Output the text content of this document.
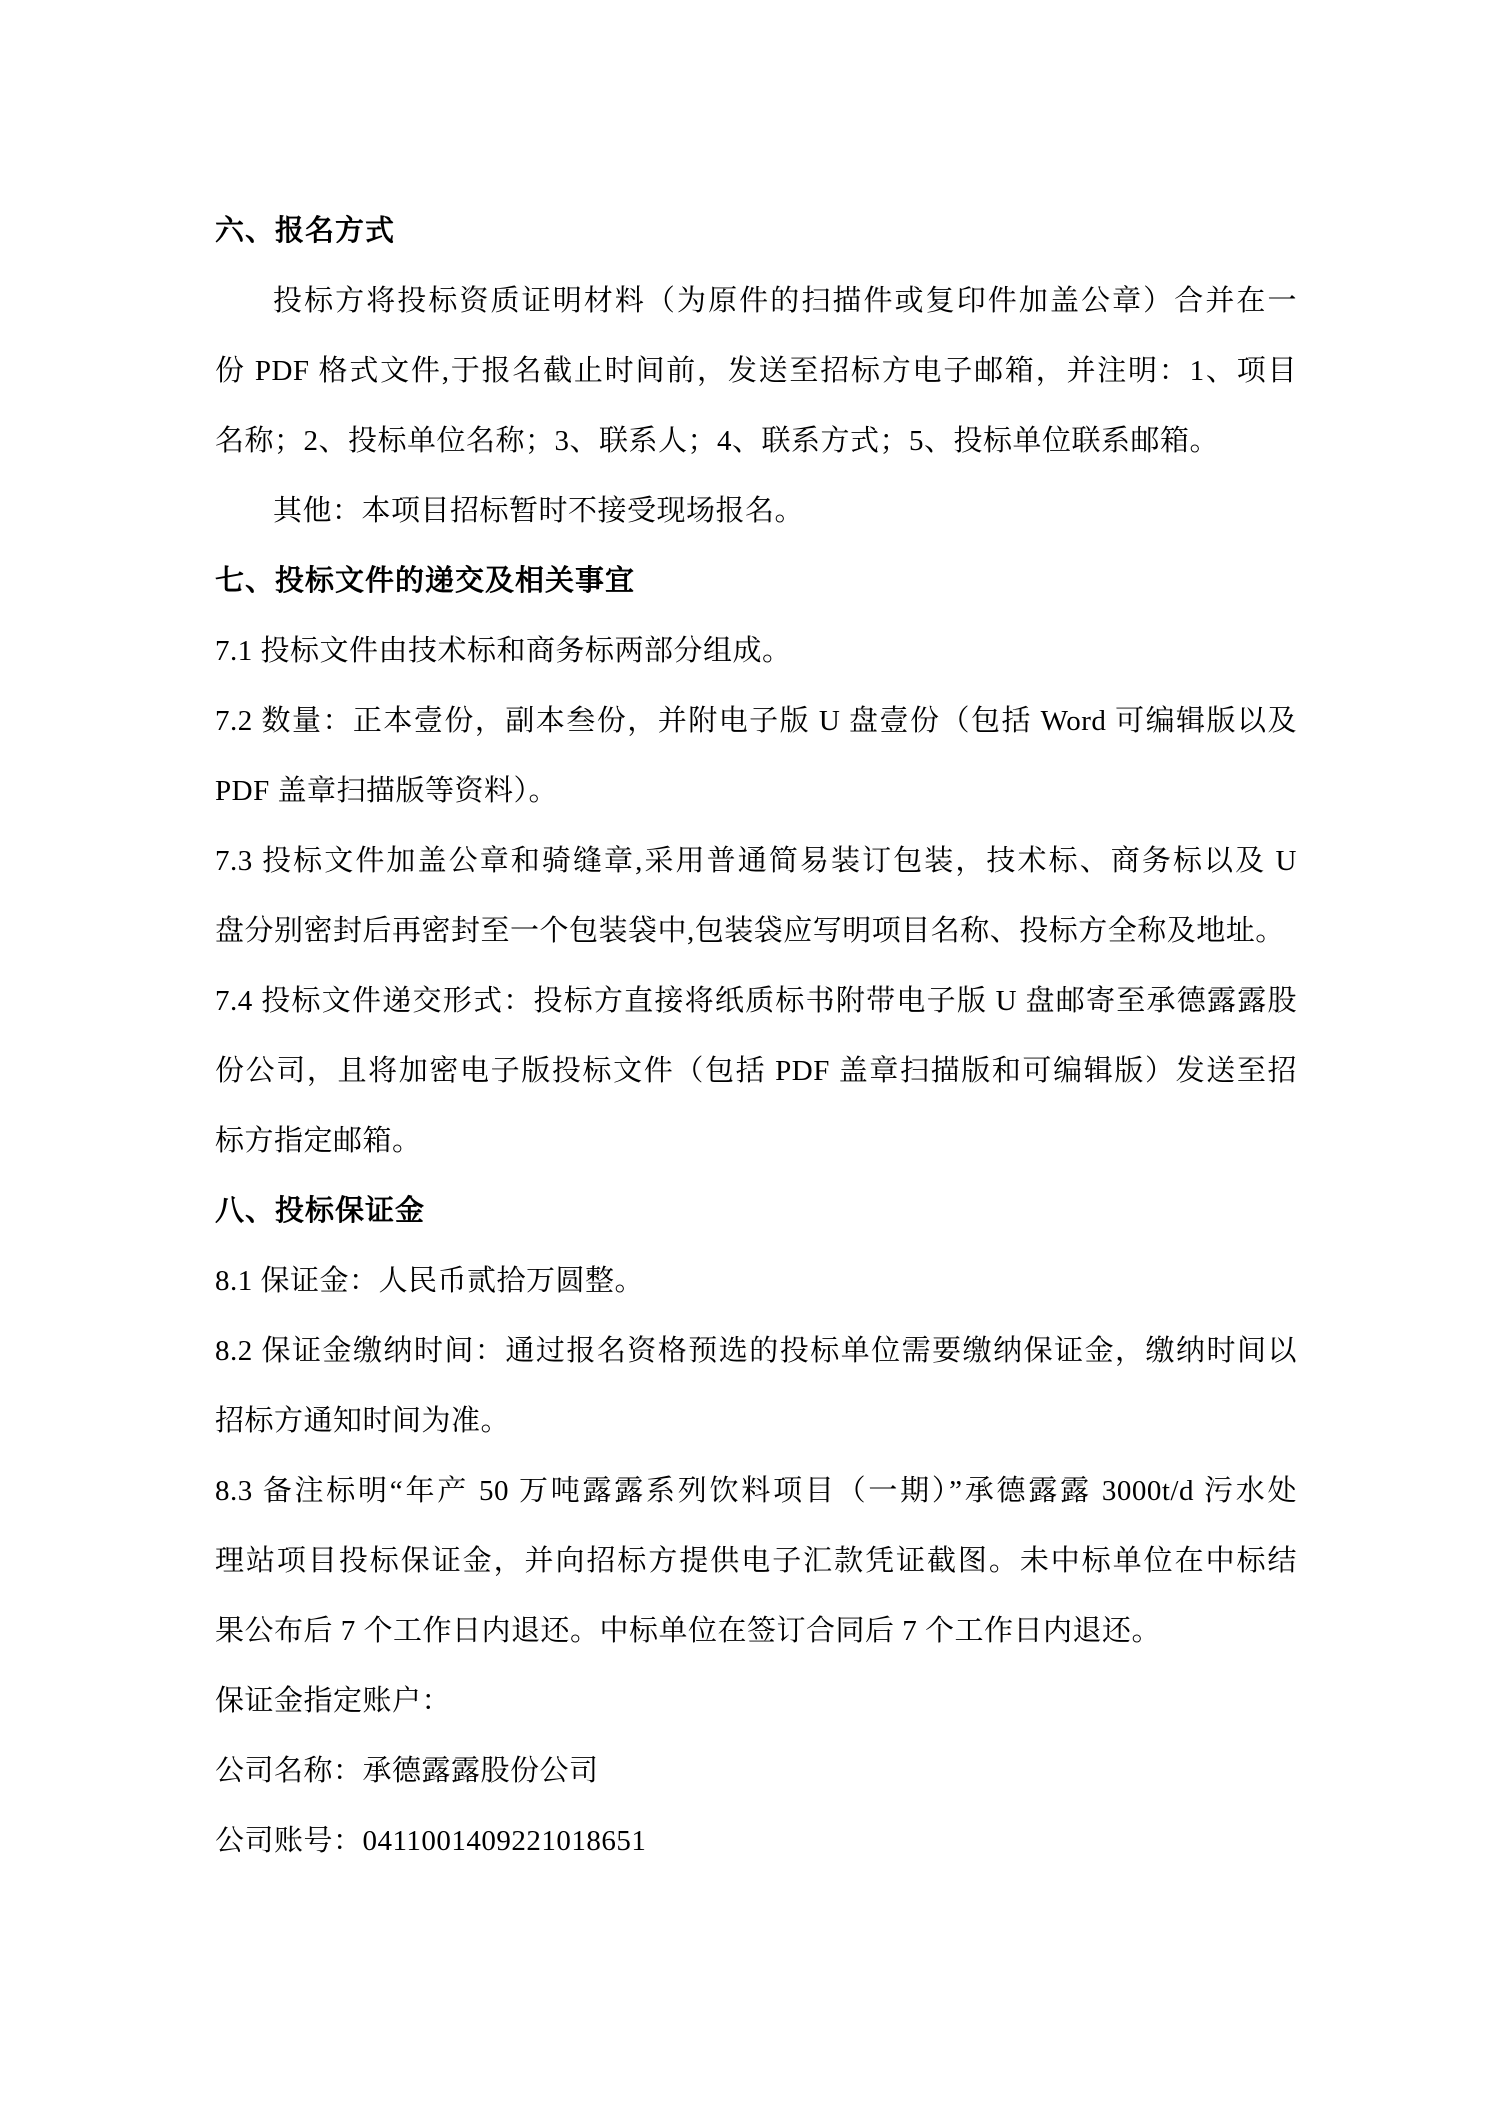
六、报名方式

投标方将投标资质证明材料（为原件的扫描件或复印件加盖公章）合并在一

份 PDF 格式文件,于报名截止时间前，发送至招标方电子邮箱，并注明：1、项目

名称；2、投标单位名称；3、联系人；4、联系方式；5、投标单位联系邮箱。

其他：本项目招标暂时不接受现场报名。

七、投标文件的递交及相关事宜

7.1 投标文件由技术标和商务标两部分组成。

7.2 数量：正本壹份，副本叁份，并附电子版 U 盘壹份（包括 Word 可编辑版以及

PDF 盖章扫描版等资料）。

7.3 投标文件加盖公章和骑缝章,采用普通简易装订包装，技术标、商务标以及 U

盘分别密封后再密封至一个包装袋中,包装袋应写明项目名称、投标方全称及地址。

7.4 投标文件递交形式：投标方直接将纸质标书附带电子版 U 盘邮寄至承德露露股

份公司，且将加密电子版投标文件（包括 PDF 盖章扫描版和可编辑版）发送至招

标方指定邮箱。

八、投标保证金

8.1 保证金：人民币贰拾万圆整。

8.2 保证金缴纳时间：通过报名资格预选的投标单位需要缴纳保证金，缴纳时间以

招标方通知时间为准。

8.3 备注标明“年产 50 万吨露露系列饮料项目（一期）”承德露露 3000t/d 污水处

理站项目投标保证金，并向招标方提供电子汇款凭证截图。未中标单位在中标结

果公布后 7 个工作日内退还。中标单位在签订合同后 7 个工作日内退还。

保证金指定账户：

公司名称：承德露露股份公司

公司账号：0411001409221018651
